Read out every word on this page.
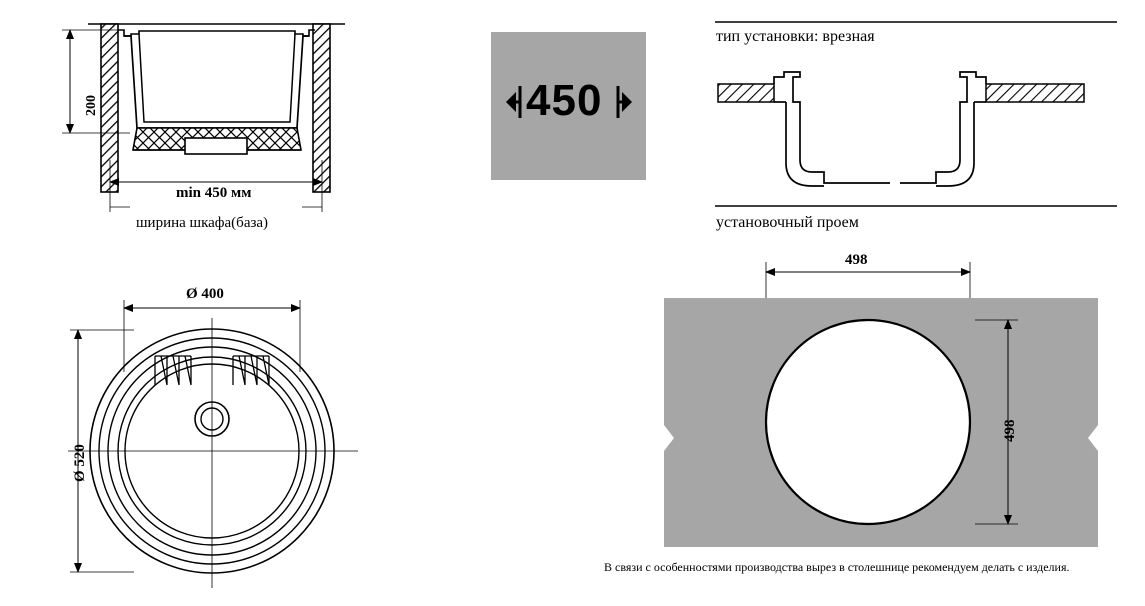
200
min 450 мм
ширина шкафа(база)
450
тип установки: врезная
установочный проем
498
498
В связи с особенностями производства вырез в столешнице рекомендуем делать с изделия.
Ø 400
Ø 520
